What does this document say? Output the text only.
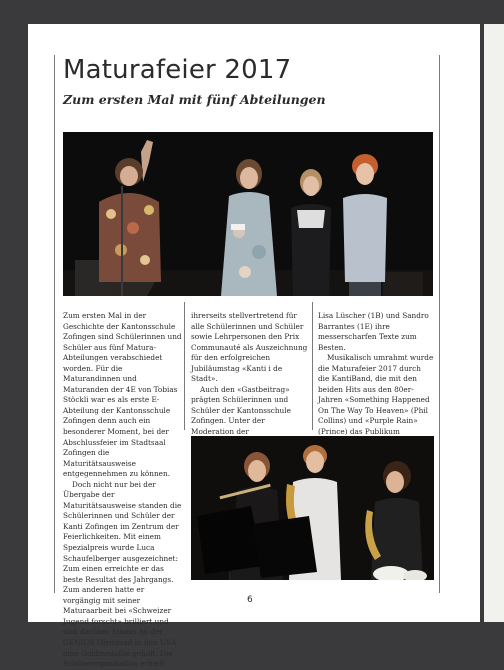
Maturafeier 2017
Zum ersten Mal mit fünf Abteilungen

Zum ersten Mal in der Geschichte der Kantonsschule Zofingen sind Schülerinnen und Schüler aus fünf Matura-Abteilungen verabschiedet worden. Für die Maturandinnen und Maturanden der 4E von Tobias Stöckli war es als erste E-Abteilung der Kantonsschule Zofingen denn auch ein besonderer Moment, bei der Abschlussfeier im Stadtsaal Zofingen die Maturitätsausweise entgegennehmen zu können.

Doch nicht nur bei der Übergabe der Maturitätsausweise standen die Schülerinnen und Schüler der Kanti Zofingen im Zentrum der Feierlichkeiten. Mit einem Spezialpreis wurde Luca Schaufelberger ausgezeichnet: Zum einen erreichte er das beste Resultat des Jahrgangs. Zum anderen hatte er vorgängig mit seiner Maturaarbeit bei «Schweizer Jugend forscht» brilliert und sich darüber hinaus an der GENIUS Olympiad in den USA eine Goldmedaille geholt. Die Schülerorganisation erhielt

ihrerseits stellvertretend für alle Schülerinnen und Schüler sowie Lehrpersonen den Prix Communauté als Auszeichnung für den erfolgreichen Jubiläumstag «Kanti i de Stadt».

Auch den «Gastbeitrag» prägten Schülerinnen und Schüler der Kantonsschule Zofingen. Unter der Moderation der

Lisa Lüscher (1B) und Sandro Barrantes (1E) ihre messerscharfen Texte zum Besten.

Musikalisch umrahmt wurde die Maturafeier 2017 durch die KantiBand, die mit den beiden Hits aus den 80er-Jahren «Something Happened On The Way To Heaven» (Phil Collins) und «Purple Rain» (Prince) das Publikum

6
